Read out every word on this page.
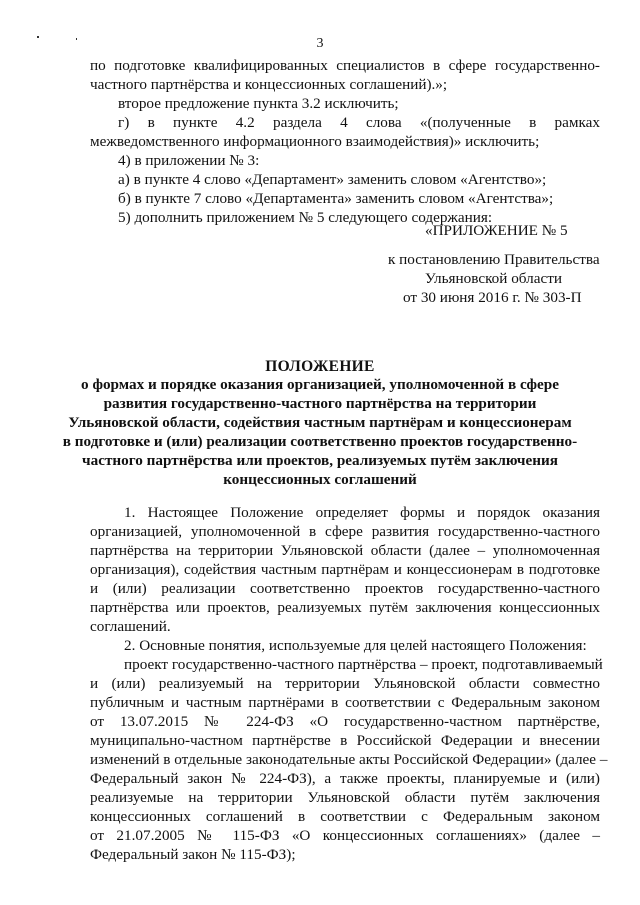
3
по подготовке квалифицированных специалистов в сфере государственно-
частного партнёрства и концессионных соглашений).»;
второе предложение пункта 3.2 исключить;
г) в пункте 4.2 раздела 4 слова «(полученные в рамках
межведомственного информационного взаимодействия)» исключить;
4) в приложении № 3:
а) в пункте 4 слово «Департамент» заменить словом «Агентство»;
б) в пункте 7 слово «Департамента» заменить словом «Агентства»;
5) дополнить приложением № 5 следующего содержания:
«ПРИЛОЖЕНИЕ № 5
к постановлению Правительства
Ульяновской области
от 30 июня 2016 г. № 303-П
ПОЛОЖЕНИЕ
о формах и порядке оказания организацией, уполномоченной в сфере
развития государственно-частного партнёрства на территории
Ульяновской области, содействия частным партнёрам и концессионерам
в подготовке и (или) реализации соответственно проектов государственно-
частного партнёрства или проектов, реализуемых путём заключения
концессионных соглашений
1. Настоящее Положение определяет формы и порядок оказания
организацией, уполномоченной в сфере развития государственно-частного
партнёрства на территории Ульяновской области (далее – уполномоченная
организация), содействия частным партнёрам и концессионерам в подготовке
и (или) реализации соответственно проектов государственно-частного
партнёрства или проектов, реализуемых путём заключения концессионных
соглашений.
2. Основные понятия, используемые для целей настоящего Положения:
проект государственно-частного партнёрства – проект, подготавливаемый
и (или) реализуемый на территории Ульяновской области совместно
публичным и частным партнёрами в соответствии с Федеральным законом
от 13.07.2015 № 224-ФЗ «О государственно-частном партнёрстве,
муниципально-частном партнёрстве в Российской Федерации и внесении
изменений в отдельные законодательные акты Российской Федерации» (далее –
Федеральный закон № 224-ФЗ), а также проекты, планируемые и (или)
реализуемые на территории Ульяновской области путём заключения
концессионных соглашений в соответствии с Федеральным законом
от 21.07.2005 № 115-ФЗ «О концессионных соглашениях» (далее –
Федеральный закон № 115-ФЗ);
